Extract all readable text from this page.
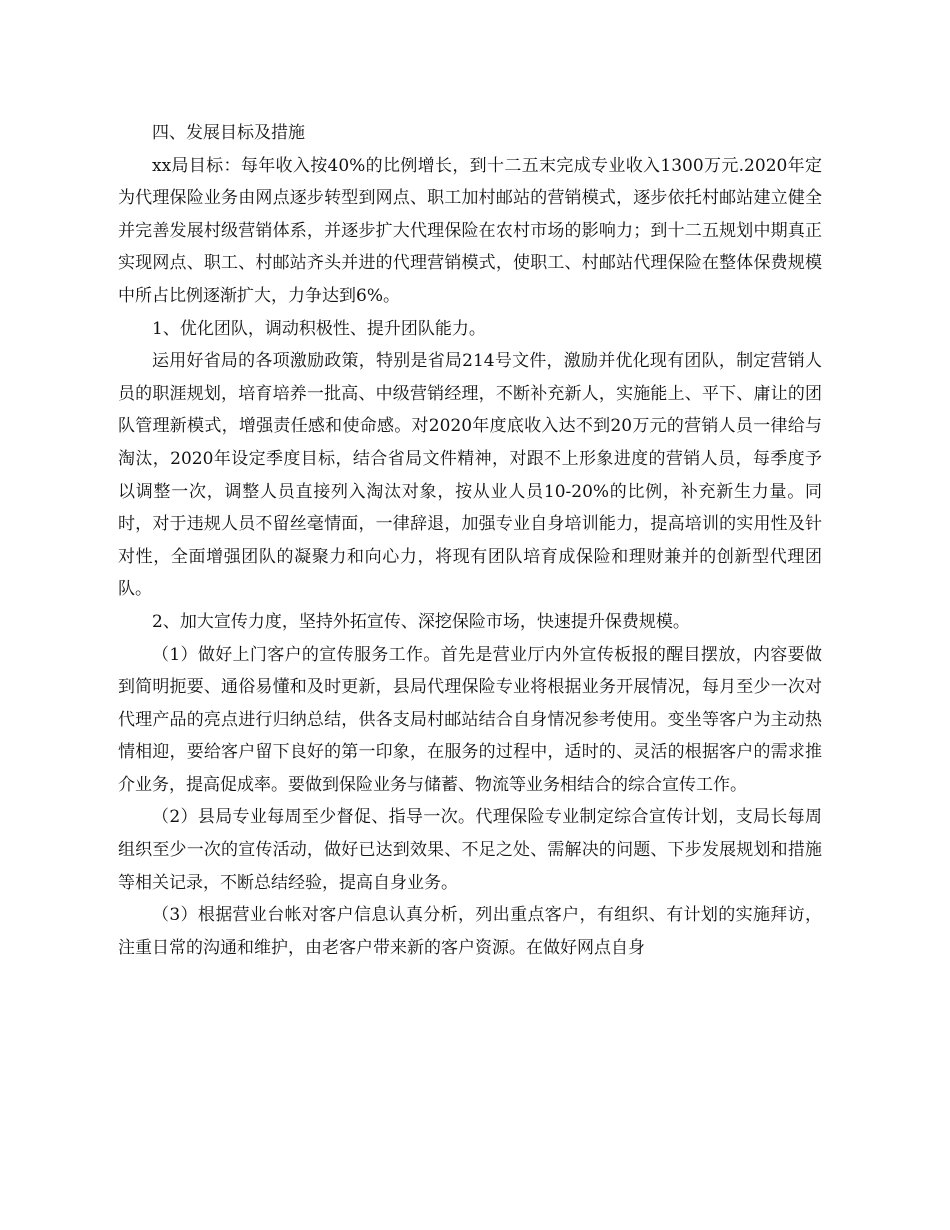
四、发展目标及措施

xx局目标：每年收入按40%的比例增长，到十二五末完成专业收入1300万元.2020年定为代理保险业务由网点逐步转型到网点、职工加村邮站的营销模式，逐步依托村邮站建立健全并完善发展村级营销体系，并逐步扩大代理保险在农村市场的影响力；到十二五规划中期真正实现网点、职工、村邮站齐头并进的代理营销模式，使职工、村邮站代理保险在整体保费规模中所占比例逐渐扩大，力争达到6%。

1、优化团队，调动积极性、提升团队能力。

运用好省局的各项激励政策，特别是省局214号文件，激励并优化现有团队，制定营销人员的职涯规划，培育培养一批高、中级营销经理，不断补充新人，实施能上、平下、庸让的团队管理新模式，增强责任感和使命感。对2020年度底收入达不到20万元的营销人员一律给与淘汰，2020年设定季度目标，结合省局文件精神，对跟不上形象进度的营销人员，每季度予以调整一次，调整人员直接列入淘汰对象，按从业人员10-20%的比例，补充新生力量。同时，对于违规人员不留丝毫情面，一律辞退，加强专业自身培训能力，提高培训的实用性及针对性，全面增强团队的凝聚力和向心力，将现有团队培育成保险和理财兼并的创新型代理团队。

2、加大宣传力度，坚持外拓宣传、深挖保险市场，快速提升保费规模。

（1）做好上门客户的宣传服务工作。首先是营业厅内外宣传板报的醒目摆放，内容要做到简明扼要、通俗易懂和及时更新，县局代理保险专业将根据业务开展情况，每月至少一次对代理产品的亮点进行归纳总结，供各支局村邮站结合自身情况参考使用。变坐等客户为主动热情相迎，要给客户留下良好的第一印象，在服务的过程中，适时的、灵活的根据客户的需求推介业务，提高促成率。要做到保险业务与储蓄、物流等业务相结合的综合宣传工作。

（2）县局专业每周至少督促、指导一次。代理保险专业制定综合宣传计划，支局长每周组织至少一次的宣传活动，做好已达到效果、不足之处、需解决的问题、下步发展规划和措施等相关记录，不断总结经验，提高自身业务。

（3）根据营业台帐对客户信息认真分析，列出重点客户，有组织、有计划的实施拜访，注重日常的沟通和维护，由老客户带来新的客户资源。在做好网点自身
